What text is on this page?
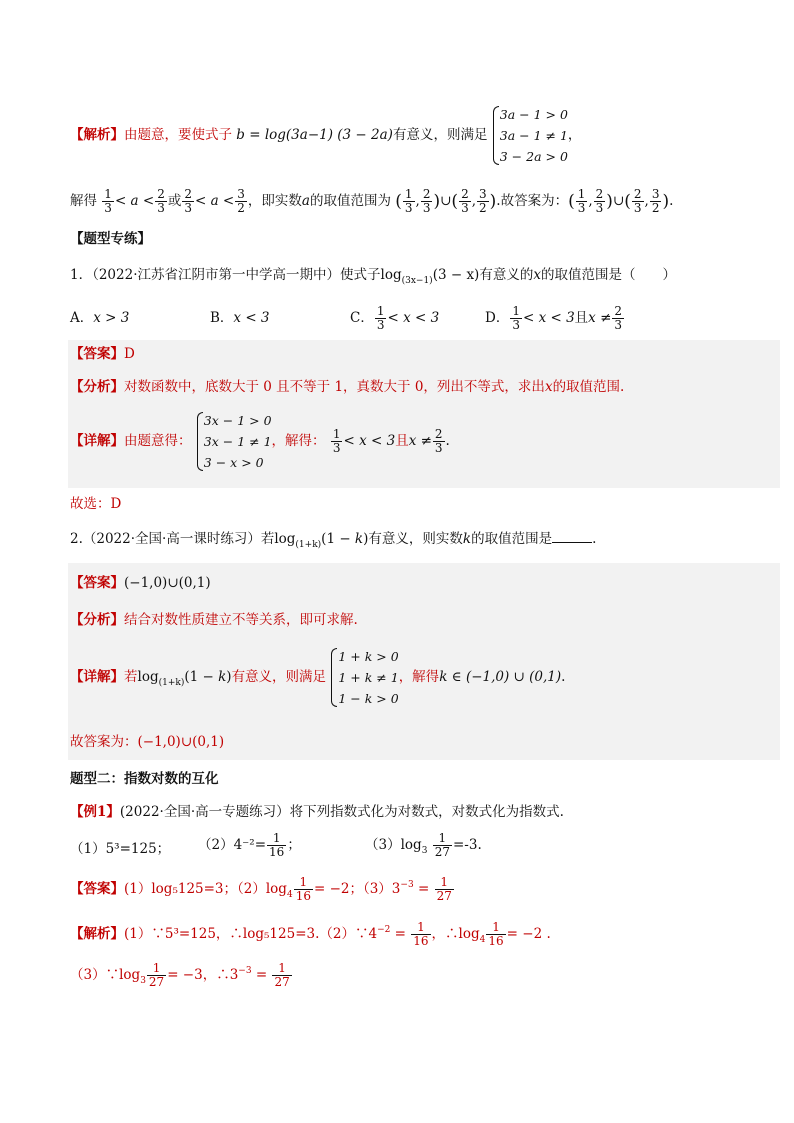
【解析】由题意，要使式子 b = log(3a−1) (3 − 2a)有意义，则满足
3a − 1 > 0
3a − 1 ≠ 1
3 − 2a > 0
，
解得 $\frac{1}{3} < a < \frac{2}{3}$ 或 $\frac{2}{3} < a < \frac{3}{2}$ ，即实数a的取值范围为 ( $\frac{1}{3}$ , $\frac{2}{3}$ )∪( $\frac{2}{3}$ , $\frac{3}{2}$ ).故答案为：( $\frac{1}{3}$ , $\frac{2}{3}$ )∪( $\frac{2}{3}$ , $\frac{3}{2}$ ).
【题型专练】
1．（2022·江苏省江阴市第一中学高一期中）使式子$\log_{(3x-1)}(3 - x)$有意义的x的取值范围是（　　）
A．x > 3	B．x < 3	C． $\frac{1}{3} < x < 3$	D． $\frac{1}{3} < x < 3$且$x \ne \frac{2}{3}$
【答案】D
【分析】对数函数中，底数大于 0 且不等于 1，真数大于 0，列出不等式，求出x的取值范围.
【详解】由题意得：
3x − 1 > 0
3x − 1 ≠ 1
3 − x > 0
，解得： $\frac{1}{3} < x < 3$且$x \ne \frac{2}{3}$ .
故选：D
2.（2022·全国·高一课时练习）若$\log_{(1+k)}(1 - k)$有意义，则实数k的取值范围是	.
【答案】(−1,0)∪(0,1)
【分析】结合对数性质建立不等关系，即可求解.
【详解】若$\log_{(1+k)}(1 - k)$有意义，则满足
1 + k > 0
1 + k ≠ 1
1 − k > 0
，解得k ∈ (−1,0) ∪ (0,1).
故答案为：(−1,0)∪(0,1)
题型二：指数对数的互化
【例1】(2022·全国·高一专题练习）将下列指数式化为对数式，对数式化为指数式.
（1）5³=125； $(2)4^{-2}= \frac{1}{16}$ ；	$(3)\log_3 \frac{1}{27} =-3$.
【答案】(1）log₅125=3；$(2)\log_4 \frac{1}{16} = -2$；$(3)3^{-3} = \frac{1}{27}$
【解析】(1）∵5³=125，$\therefore\log_5125=3.(2)\because 4^{-2} = \frac{1}{16}$ ，$\therefore\log_4 \frac{1}{16} = -2$ .
$(3)\because\log_3 \frac{1}{27} = -3$，$\therefore 3^{-3} = \frac{1}{27}$
